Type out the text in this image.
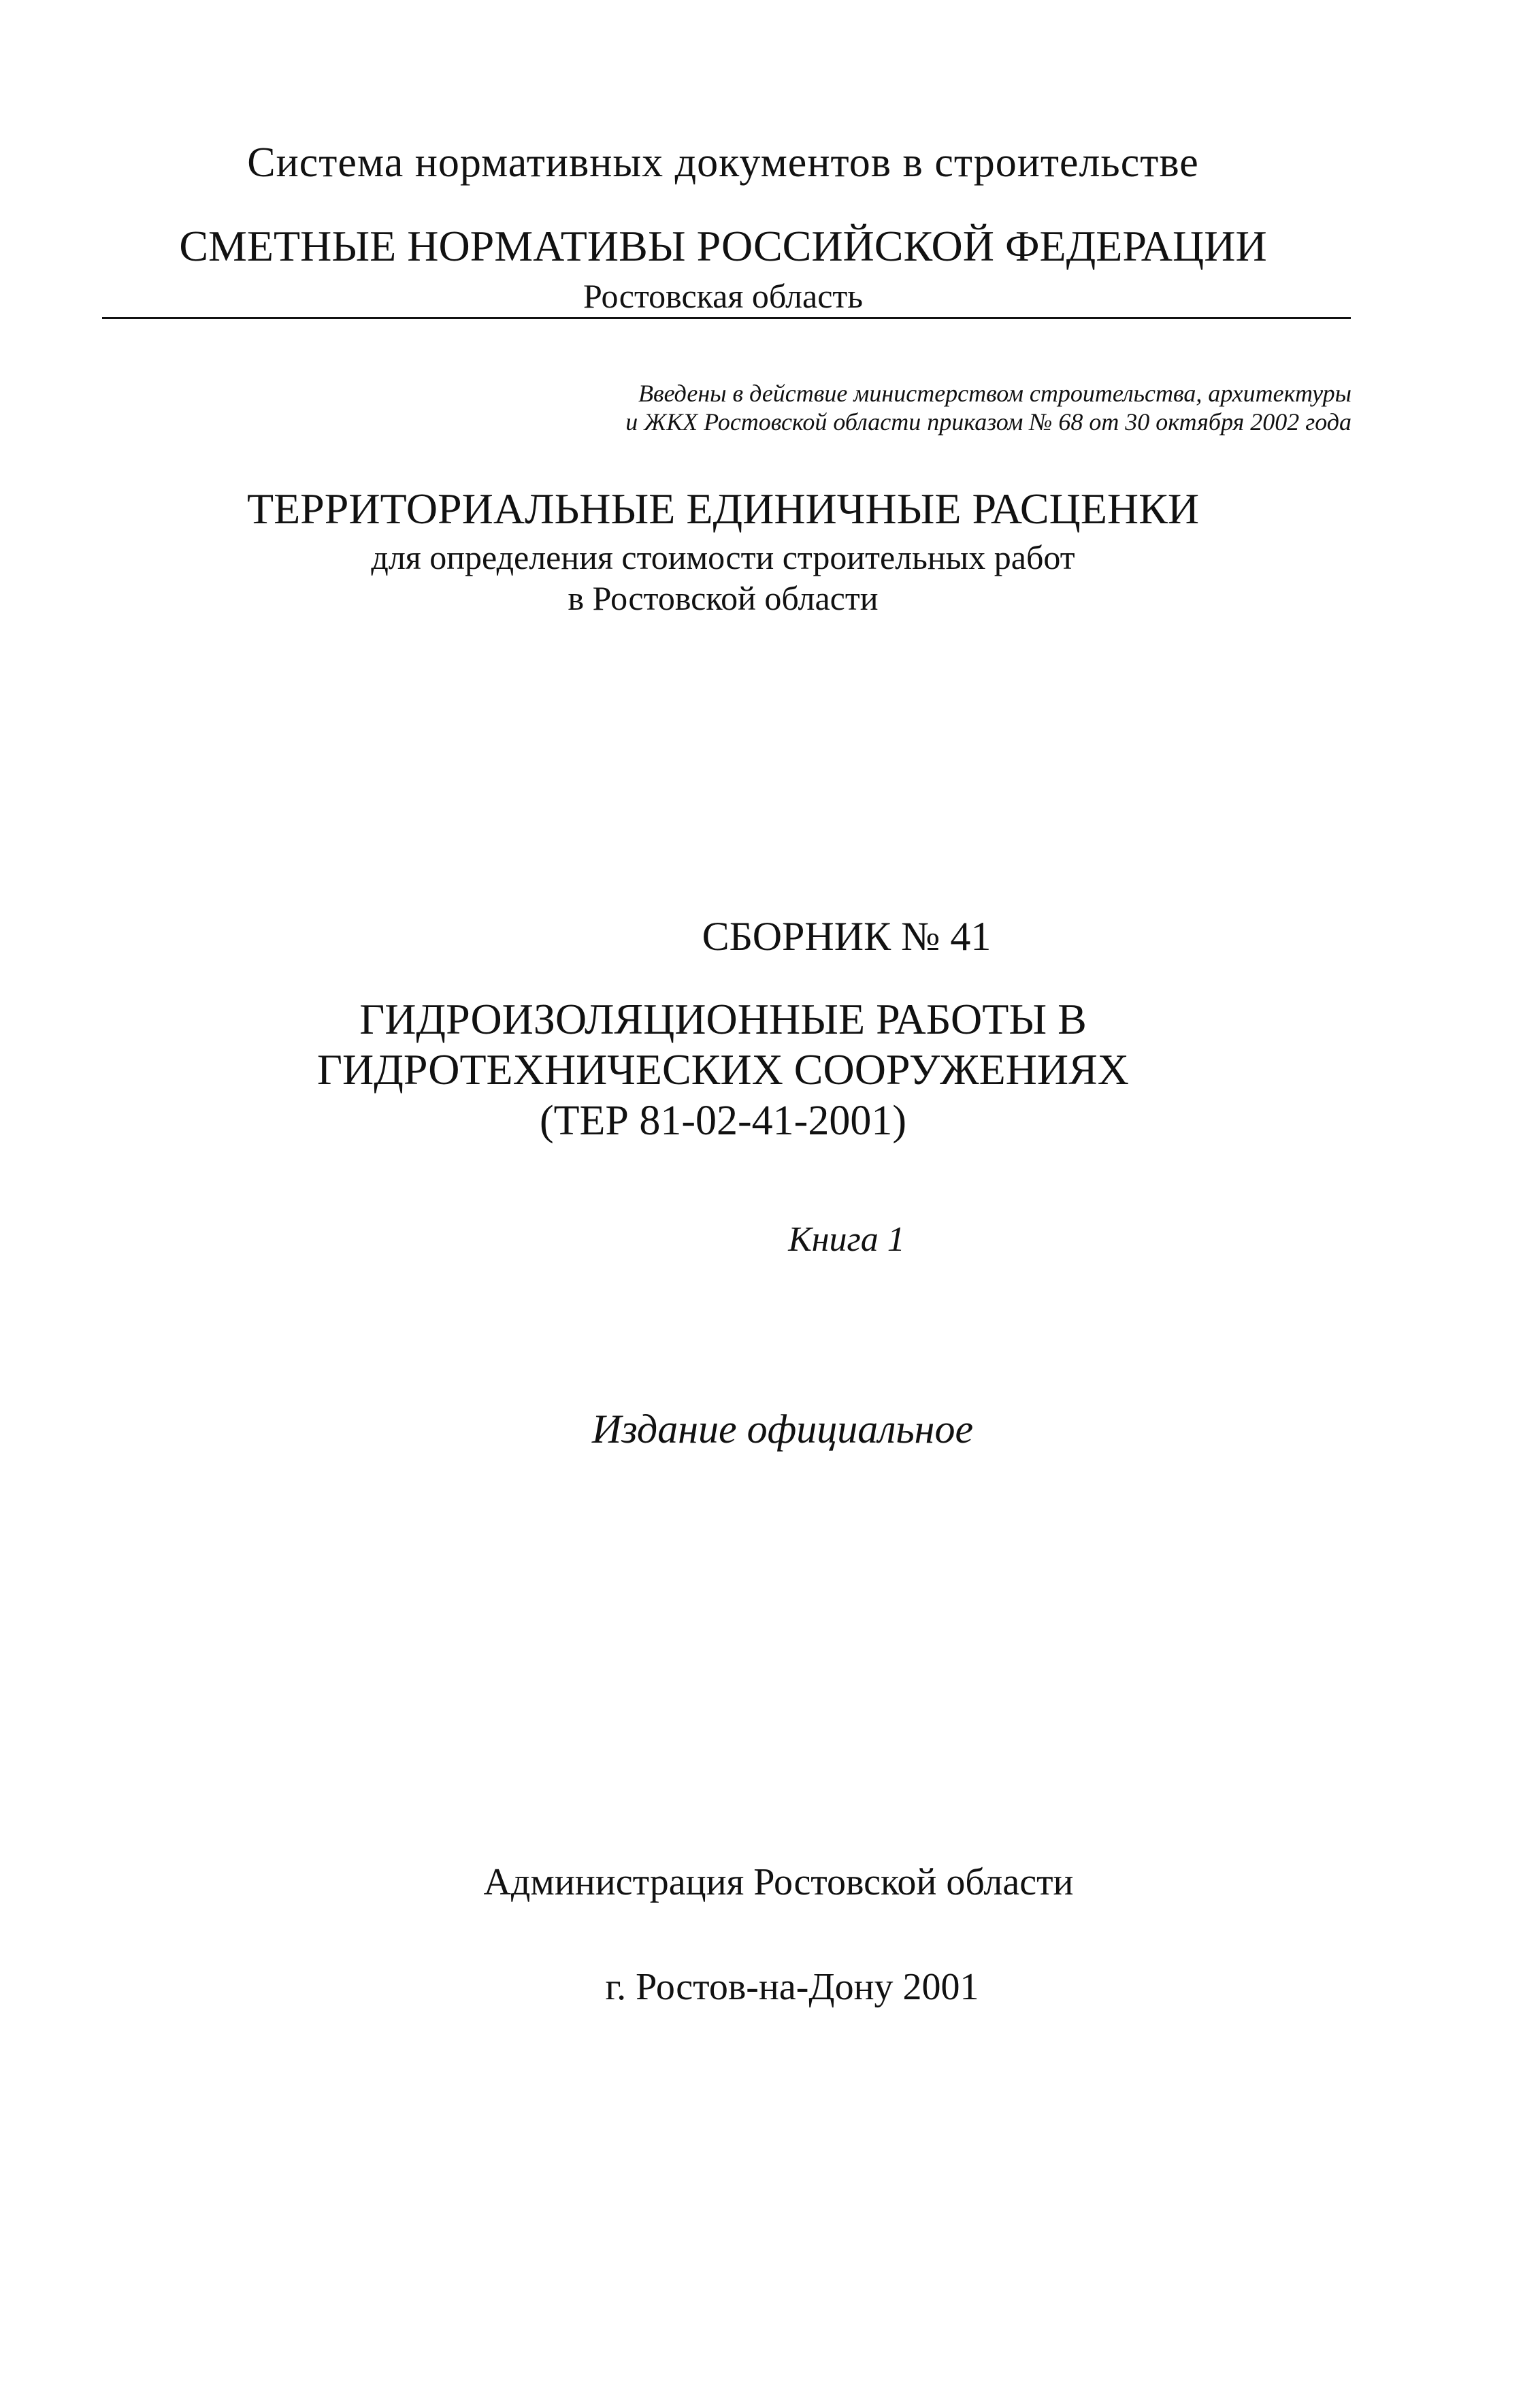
Система нормативных документов в строительстве
СМЕТНЫЕ НОРМАТИВЫ РОССИЙСКОЙ ФЕДЕРАЦИИ
Ростовская область
Введены в действие министерством строительства, архитектуры
и ЖКХ Ростовской области приказом № 68 от 30 октября 2002 года
ТЕРРИТОРИАЛЬНЫЕ ЕДИНИЧНЫЕ РАСЦЕНКИ
для определения стоимости строительных работ
в Ростовской области
СБОРНИК № 41
ГИДРОИЗОЛЯЦИОННЫЕ РАБОТЫ В
ГИДРОТЕХНИЧЕСКИХ СООРУЖЕНИЯХ
(ТЕР 81-02-41-2001)
Книга 1
Издание официальное
Администрация Ростовской области
г. Ростов-на-Дону 2001
